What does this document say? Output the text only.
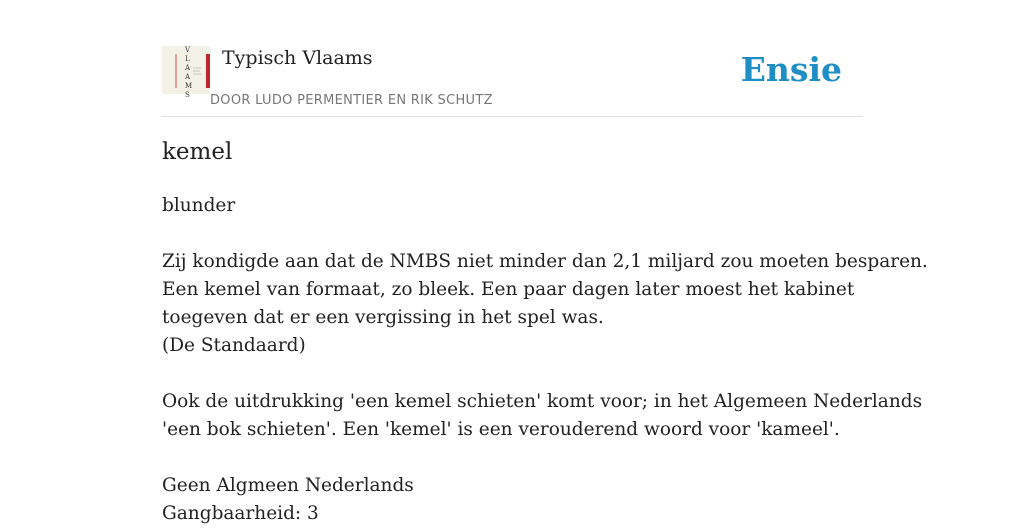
V
L
A
A
M
S
Typisch Vlaams
DOOR LUDO PERMENTIER EN RIK SCHUTZ
Ensie
kemel
blunder
Zij kondigde aan dat de NMBS niet minder dan 2,1 miljard zou moeten besparen.
Een kemel van formaat, zo bleek. Een paar dagen later moest het kabinet
toegeven dat er een vergissing in het spel was.
(De Standaard)
Ook de uitdrukking 'een kemel schieten' komt voor; in het Algemeen Nederlands
'een bok schieten'. Een 'kemel' is een verouderend woord voor 'kameel'.
Geen Algmeen Nederlands
Gangbaarheid: 3
